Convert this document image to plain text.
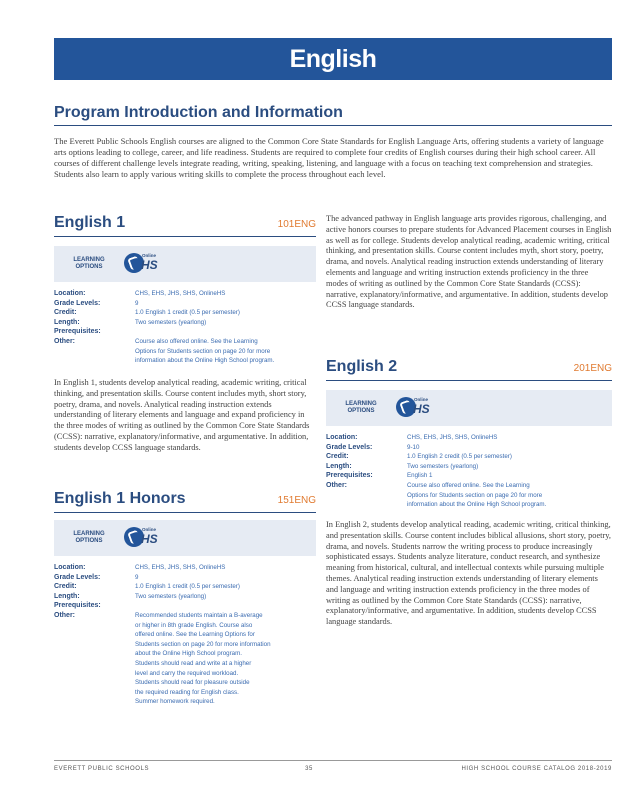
English
Program Introduction and Information

The Everett Public Schools English courses are aligned to the Common Core State Standards for English Language Arts, offering students a variety of language arts options leading to college, career, and life readiness. Students are required to complete four credits of English courses during their high school career. All courses of different challenge levels integrate reading, writing, speaking, listening, and language with a focus on teaching text comprehension and strategies. Students also learn to apply various writing skills to complete the process throughout each level.

English 1	101ENG
LEARNING OPTIONS
Online
HS
Location:	CHS, EHS, JHS, SHS, OnlineHS
Grade Levels:	9
Credit:	1.0 English 1 credit (0.5 per semester)
Length:	Two semesters (yearlong)
Prerequisites:
Other:	Course also offered online. See the Learning
Options for Students section on page 20 for more
information about the Online High School program.

In English 1, students develop analytical reading, academic writing, critical thinking, and presentation skills. Course content includes myth, short story, poetry, drama, and novels. Analytical reading instruction extends understanding of literary elements and language and expand proficiency in the three modes of writing as outlined by the Common Core State Standards (CCSS): narrative, explanatory/informative, and argumentative. In addition, students develop CCSS language standards.

English 1 Honors	151ENG
LEARNING OPTIONS
Online
HS
Location:	CHS, EHS, JHS, SHS, OnlineHS
Grade Levels:	9
Credit:	1.0 English 1 credit (0.5 per semester)
Length:	Two semesters (yearlong)
Prerequisites:
Other:	Recommended students maintain a B-average
or higher in 8th grade English. Course also
offered online. See the Learning Options for
Students section on page 20 for more information
about the Online High School program.
Students should read and write at a higher
level and carry the required workload.
Students should read for pleasure outside
the required reading for English class.
Summer homework required.

The advanced pathway in English language arts provides rigorous, challenging, and active honors courses to prepare students for Advanced Placement courses in English as well as for college. Students develop analytical reading, academic writing, critical thinking, and presentation skills. Course content includes myth, short story, poetry, drama, and novels. Analytical reading instruction extends understanding of literary elements and language and writing instruction extends proficiency in the three modes of writing as outlined by the Common Core State Standards (CCSS): narrative, explanatory/informative, and argumentative. In addition, students develop CCSS language standards.

English 2	201ENG
LEARNING OPTIONS
Online
HS
Location:	CHS, EHS, JHS, SHS, OnlineHS
Grade Levels:	9-10
Credit:	1.0 English 2 credit (0.5 per semester)
Length:	Two semesters (yearlong)
Prerequisites:	English 1
Other:	Course also offered online. See the Learning
Options for Students section on page 20 for more
information about the Online High School program.

In English 2, students develop analytical reading, academic writing, critical thinking, and presentation skills. Course content includes biblical allusions, short story, poetry, drama, and novels. Students narrow the writing process to produce increasingly sophisticated essays. Students analyze literature, conduct research, and synthesize meaning from historical, cultural, and intellectual contexts while pursuing multiple themes. Analytical reading instruction extends understanding of literary elements and language and writing instruction extends proficiency in the three modes of writing as outlined by the Common Core State Standards (CCSS): narrative, explanatory/informative, and argumentative. In addition, students develop CCSS language standards.

EVERETT PUBLIC SCHOOLS	35	HIGH SCHOOL COURSE CATALOG 2018-2019
